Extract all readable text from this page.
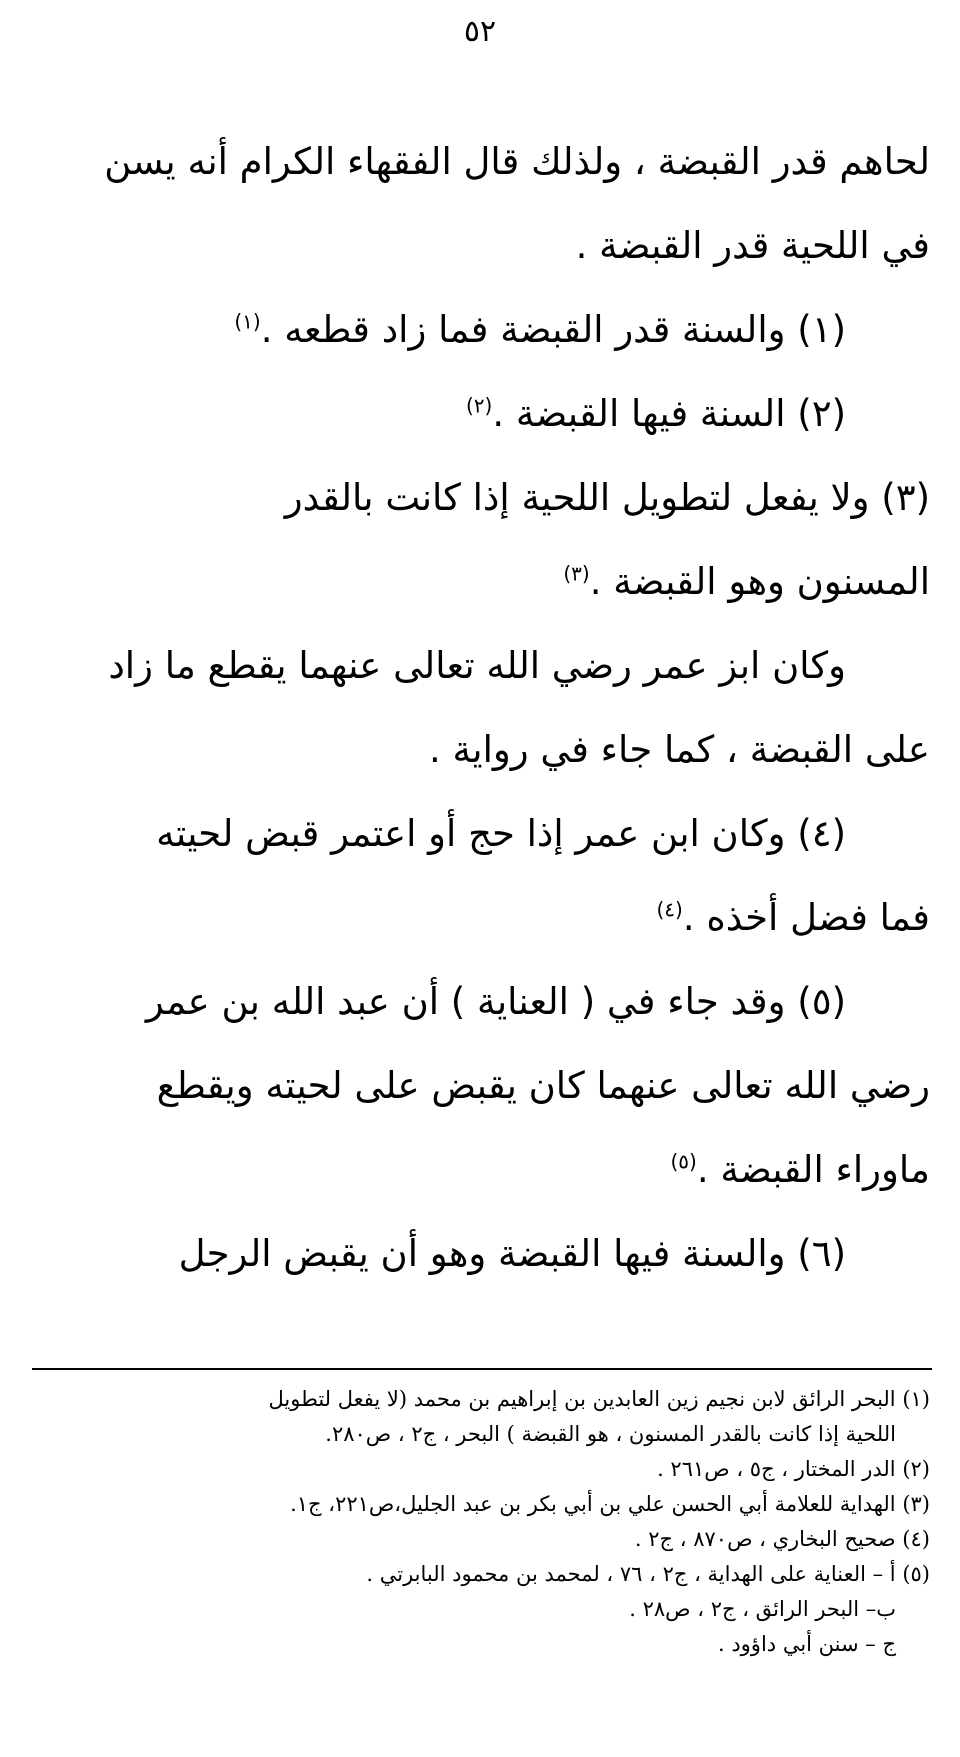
٥٢

لحاهم قدر القبضة ، ولذلك قال الفقهاء الكرام أنه يسن

في اللحية قدر القبضة .

(١) والسنة قدر القبضة فما زاد قطعه .$^{(١)}$

(٢) السنة فيها القبضة .$^{(٢)}$

(٣) ولا يفعل لتطويل اللحية إذا كانت بالقدر

المسنون وهو القبضة .$^{(٣)}$

وكان ابز عمر رضي الله تعالى عنهما يقطع ما زاد

على القبضة ، كما جاء في رواية .

(٤) وكان ابن عمر إذا حج أو اعتمر قبض لحيته

فما فضل أخذه .$^{(٤)}$

(٥) وقد جاء في ( العناية ) أن عبد الله بن عمر

رضي الله تعالى عنهما كان يقبض على لحيته ويقطع

ماوراء القبضة .$^{(٥)}$

(٦) والسنة فيها القبضة وهو أن يقبض الرجل

(١) البحر الرائق لابن نجيم زين العابدين بن إبراهيم بن محمد (لا يفعل لتطويل

اللحية إذا كانت بالقدر المسنون ، هو القبضة ) البحر ، ج٢ ، ص٢٨٠.

(٢) الدر المختار ، ج٥ ، ص٢٦١ .

(٣) الهداية للعلامة أبي الحسن علي بن أبي بكر بن عبد الجليل،ص٢٢١، ج١.

(٤) صحيح البخاري ، ص٨٧٠ ، ج٢ .

(٥) أ – العناية على الهداية ، ج٢ ، ٧٦ ، لمحمد بن محمود البابرتي .

ب– البحر الرائق ، ج٢ ، ص٢٨ .

ج – سنن أبي داؤود .
